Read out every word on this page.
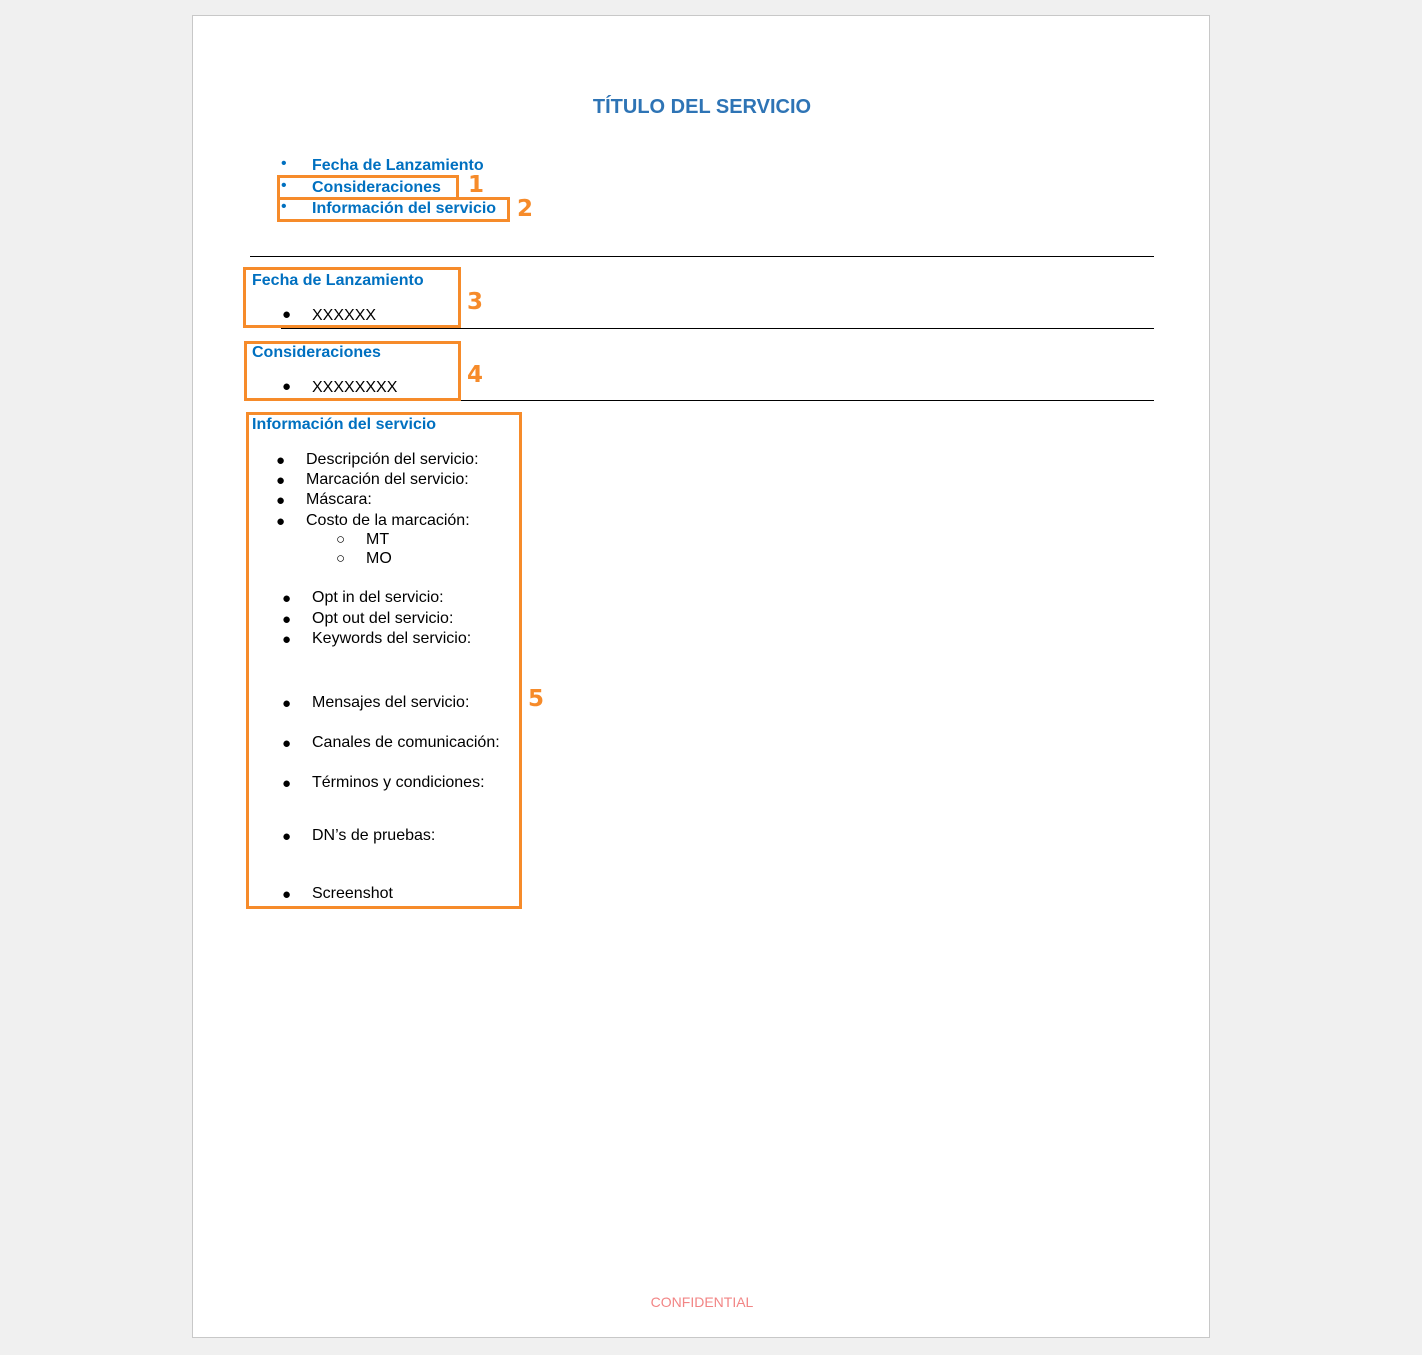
TÍTULO DEL SERVICIO
• Fecha de Lanzamiento
• Consideraciones
• Información del servicio
Fecha de Lanzamiento
● XXXXXX
Consideraciones
● XXXXXXXX
Información del servicio
● Descripción del servicio:
● Marcación del servicio:
● Máscara:
● Costo de la marcación:
○ MT
○ MO
● Opt in del servicio:
● Opt out del servicio:
● Keywords del servicio:
● Mensajes del servicio:
● Canales de comunicación:
● Términos y condiciones:
● DN’s de pruebas:
● Screenshot
1
2
3
4
5
CONFIDENTIAL
